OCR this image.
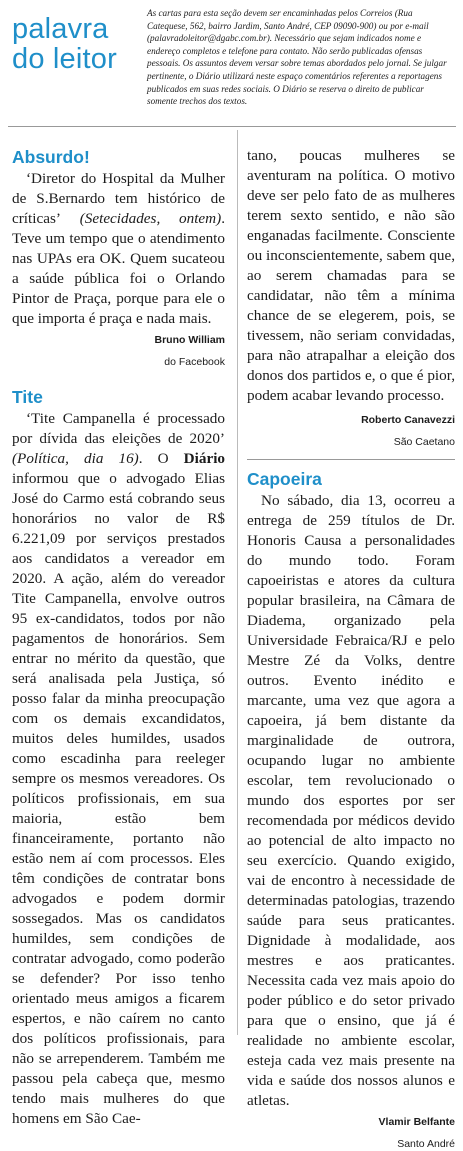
palavra
do leitor
As cartas para esta seção devem ser encaminhadas pelos Correios (Rua Catequese, 562, bairro Jardim, Santo André, CEP 09090-900) ou por e-mail (palavradoleitor@dgabc.com.br). Necessário que sejam indicados nome e endereço completos e telefone para contato. Não serão publicadas ofensas pessoais. Os assuntos devem versar sobre temas abordados pelo jornal. Se julgar pertinente, o Diário utilizará neste espaço comentários referentes a reportagens publicados em suas redes sociais. O Diário se reserva o direito de publicar somente trechos dos textos.
Absurdo!

‘Diretor do Hospital da Mulher de S.Bernardo tem histórico de críticas’ (Setecidades, ontem). Teve um tempo que o atendimento nas UPAs era OK. Quem sucateou a saúde pública foi o Orlando Pintor de Praça, porque para ele o que importa é praça e nada mais.

Bruno William
do Facebook
Tite

‘Tite Campanella é processado por dívida das eleições de 2020’ (Política, dia 16). O Diário informou que o advogado Elias José do Carmo está cobrando seus honorários no valor de R$ 6.221,09 por serviços prestados aos candidatos a vereador em 2020. A ação, além do vereador Tite Campanella, envolve outros 95 ex-candidatos, todos por não pagamentos de honorários. Sem entrar no mérito da questão, que será analisada pela Justiça, só posso falar da minha preocupação com os demais excandidatos, muitos deles humildes, usados como escadinha para reeleger sempre os mesmos vereadores. Os políticos profissionais, em sua maioria, estão bem financeiramente, portanto não estão nem aí com processos. Eles têm condições de contratar bons advogados e podem dormir sossegados. Mas os candidatos humildes, sem condições de contratar advogado, como poderão se defender? Por isso tenho orientado meus amigos a ficarem espertos, e não caírem no canto dos políticos profissionais, para não se arrependerem. Também me passou pela cabeça que, mesmo tendo mais mulheres do que homens em São Cae-

tano, poucas mulheres se aventuram na política. O motivo deve ser pelo fato de as mulheres terem sexto sentido, e não são enganadas facilmente. Consciente ou inconscientemente, sabem que, ao serem chamadas para se candidatar, não têm a mínima chance de se elegerem, pois, se tivessem, não seriam convidadas, para não atrapalhar a eleição dos donos dos partidos e, o que é pior, podem acabar levando processo.

Roberto Canavezzi
São Caetano
Capoeira

No sábado, dia 13, ocorreu a entrega de 259 títulos de Dr. Honoris Causa a personalidades do mundo todo. Foram capoeiristas e atores da cultura popular brasileira, na Câmara de Diadema, organizado pela Universidade Febraica/RJ e pelo Mestre Zé da Volks, dentre outros. Evento inédito e marcante, uma vez que agora a capoeira, já bem distante da marginalidade de outrora, ocupando lugar no ambiente escolar, tem revolucionado o mundo dos esportes por ser recomendada por médicos devido ao potencial de alto impacto no seu exercício. Quando exigido, vai de encontro à necessidade de determinadas patologias, trazendo saúde para seus praticantes. Dignidade à modalidade, aos mestres e aos praticantes. Necessita cada vez mais apoio do poder público e do setor privado para que o ensino, que já é realidade no ambiente escolar, esteja cada vez mais presente na vida e saúde dos nossos alunos e atletas.

Vlamir Belfante
Santo André
